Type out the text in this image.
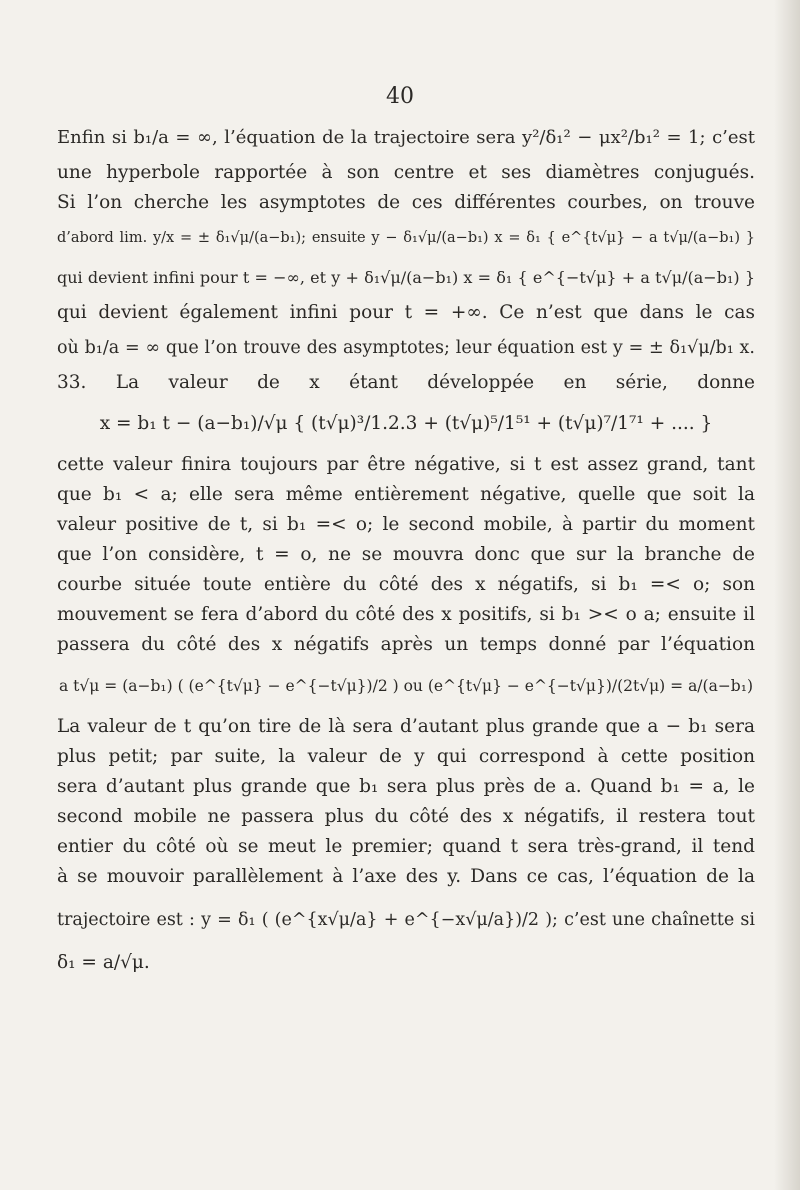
40
Enfin si b₁/a = ∞, l’équation de la trajectoire sera y²/δ₁² − μx²/b₁² = 1; c’est
une hyperbole rapportée à son centre et ses diamètres conjugués.
Si l’on cherche les asymptotes de ces différentes courbes, on trouve
d’abord lim. y/x = ± δ₁√μ/(a−b₁); ensuite y − δ₁√μ/(a−b₁) x = δ₁ { e^{t√μ} − a t√μ/(a−b₁) }
qui devient infini pour t = −∞, et y + δ₁√μ/(a−b₁) x = δ₁ { e^{−t√μ} + a t√μ/(a−b₁) }
qui devient également infini pour t = +∞. Ce n’est que dans le cas
où b₁/a = ∞ que l’on trouve des asymptotes; leur équation est y = ± δ₁√μ/b₁ x.
33. La valeur de x étant développée en série, donne
x = b₁ t − (a−b₁)/√μ { (t√μ)³/1.2.3 + (t√μ)⁵/1⁵¹ + (t√μ)⁷/1⁷¹ + .... }
cette valeur finira toujours par être négative, si t est assez grand, tant
que b₁ < a; elle sera même entièrement négative, quelle que soit la
valeur positive de t, si b₁ =< o; le second mobile, à partir du moment
que l’on considère, t = o, ne se mouvra donc que sur la branche de
courbe située toute entière du côté des x négatifs, si b₁ =< o; son
mouvement se fera d’abord du côté des x positifs, si b₁ >< o a; ensuite il
passera du côté des x négatifs après un temps donné par l’équation
a t√μ = (a−b₁) ( (e^{t√μ} − e^{−t√μ})/2 ) ou (e^{t√μ} − e^{−t√μ})/(2t√μ) = a/(a−b₁)
La valeur de t qu’on tire de là sera d’autant plus grande que a − b₁ sera
plus petit; par suite, la valeur de y qui correspond à cette position
sera d’autant plus grande que b₁ sera plus près de a. Quand b₁ = a, le
second mobile ne passera plus du côté des x négatifs, il restera tout
entier du côté où se meut le premier; quand t sera très-grand, il tend
à se mouvoir parallèlement à l’axe des y. Dans ce cas, l’équation de la
trajectoire est : y = δ₁ ( (e^{x√μ/a} + e^{−x√μ/a})/2 ); c’est une chaînette si
δ₁ = a/√μ.
